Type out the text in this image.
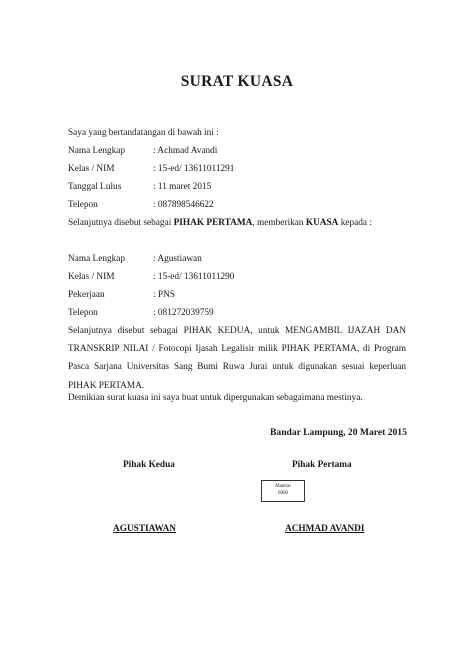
SURAT KUASA
Saya yang bertandatangan di bawah ini :
Nama Lengkap	: Achmad Avandi
Kelas / NIM	: 15-ed/ 13611011291
Tanggal Lulus	: 11 maret 2015
Telepon	: 087898546622
Selanjutnya disebut sebagai PIHAK PERTAMA, memberikan KUASA kepada :
Nama Lengkap	: Agustiawan
Kelas / NIM	: 15-ed/ 13611011290
Pekerjaan	: PNS
Telepon	: 081272039759
Selanjutnya disebut sebagai PIHAK KEDUA, untuk MENGAMBIL IJAZAH DAN TRANSKRIP NILAI / Fotocopi Ijasah Legalisir milik PIHAK PERTAMA, di Program Pasca Sarjana Universitas Sang Bumi Ruwa Jurai untuk digunakan sesuai keperluan PIHAK PERTAMA.
Demikian surat kuasa ini saya buat untuk dipergunakan sebagaimana mestinya.
Bandar Lampung, 20 Maret 2015
Pihak Kedua	Pihak Pertama
Materai
6000
AGUSTIAWAN	ACHMAD AVANDI
